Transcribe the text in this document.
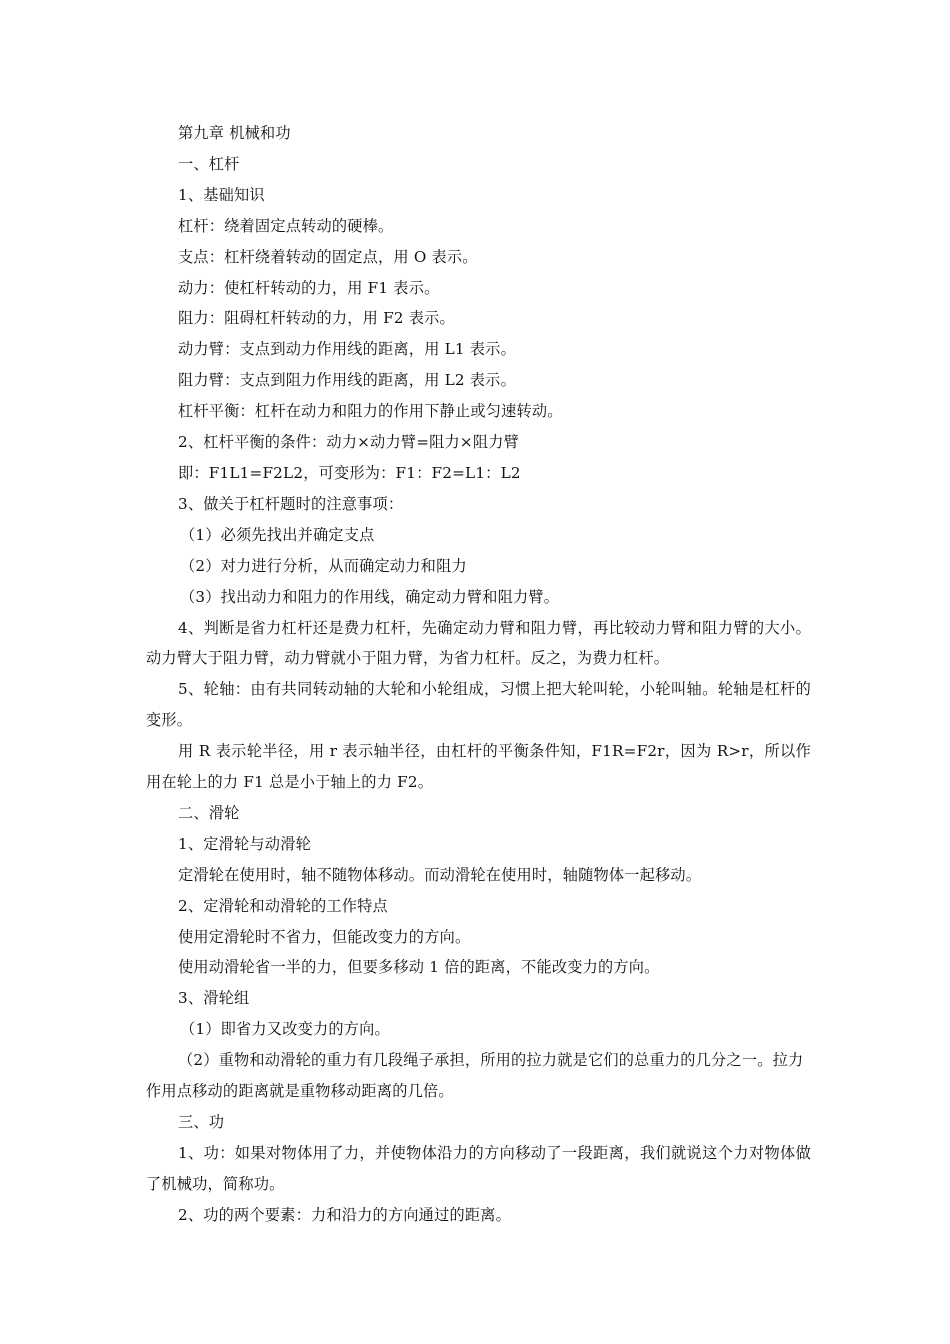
第九章 机械和功

一、杠杆

1、基础知识

杠杆：绕着固定点转动的硬棒。

支点：杠杆绕着转动的固定点，用 O 表示。

动力：使杠杆转动的力，用 F1 表示。

阻力：阻碍杠杆转动的力，用 F2 表示。

动力臂：支点到动力作用线的距离，用 L1 表示。

阻力臂：支点到阻力作用线的距离，用 L2 表示。

杠杆平衡：杠杆在动力和阻力的作用下静止或匀速转动。

2、杠杆平衡的条件：动力×动力臂=阻力×阻力臂

即：F1L1=F2L2，可变形为：F1：F2=L1：L2

3、做关于杠杆题时的注意事项：

（1）必须先找出并确定支点

（2）对力进行分析，从而确定动力和阻力

（3）找出动力和阻力的作用线，确定动力臂和阻力臂。

4、判断是省力杠杆还是费力杠杆，先确定动力臂和阻力臂，再比较动力臂和阻力臂的大小。动力臂大于阻力臂，动力臂就小于阻力臂，为省力杠杆。反之，为费力杠杆。

5、轮轴：由有共同转动轴的大轮和小轮组成，习惯上把大轮叫轮，小轮叫轴。轮轴是杠杆的变形。

用 R 表示轮半径，用 r 表示轴半径，由杠杆的平衡条件知，F1R=F2r，因为 R>r，所以作用在轮上的力 F1 总是小于轴上的力 F2。

二、滑轮

1、定滑轮与动滑轮

定滑轮在使用时，轴不随物体移动。而动滑轮在使用时，轴随物体一起移动。

2、定滑轮和动滑轮的工作特点

使用定滑轮时不省力，但能改变力的方向。

使用动滑轮省一半的力，但要多移动 1 倍的距离，不能改变力的方向。

3、滑轮组

（1）即省力又改变力的方向。

（2）重物和动滑轮的重力有几段绳子承担，所用的拉力就是它们的总重力的几分之一。拉力作用点移动的距离就是重物移动距离的几倍。

三、功

1、功：如果对物体用了力，并使物体沿力的方向移动了一段距离，我们就说这个力对物体做了机械功，简称功。

2、功的两个要素：力和沿力的方向通过的距离。
